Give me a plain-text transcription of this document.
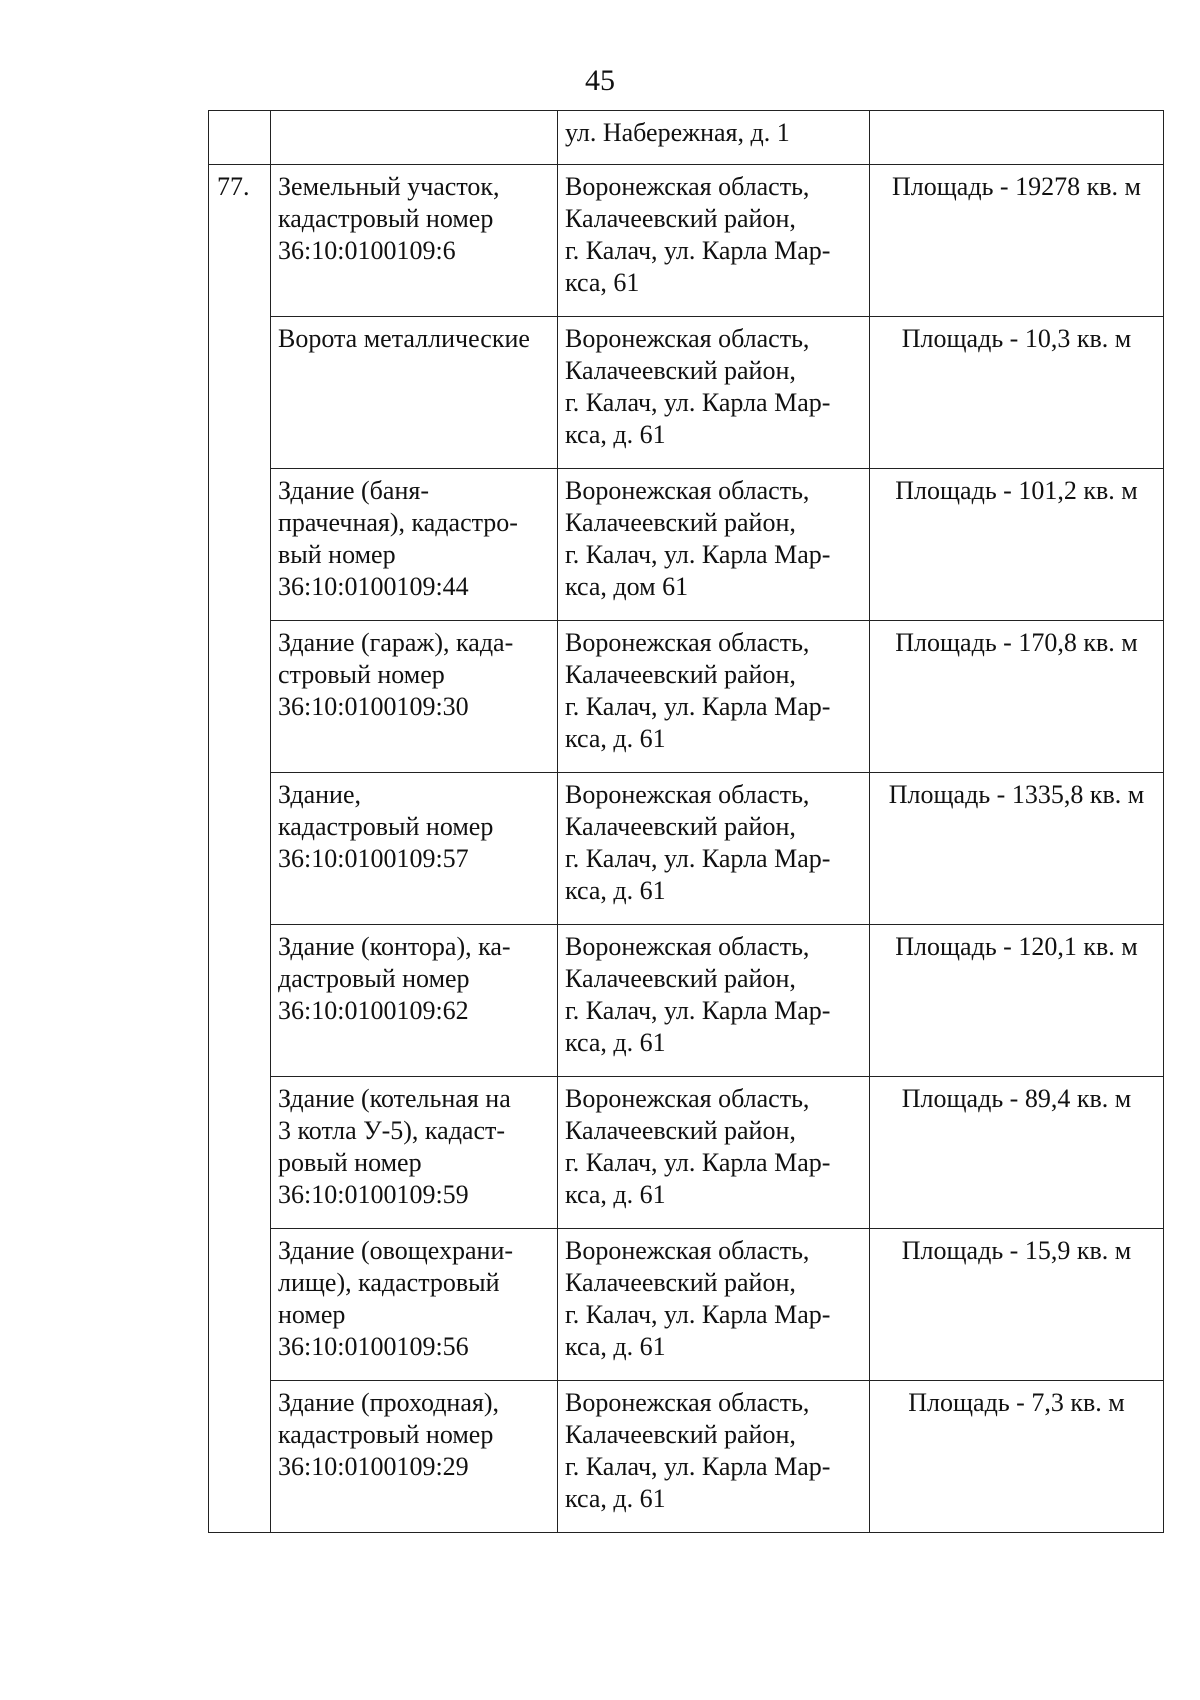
45
		ул. Набережная, д. 1	
77.	Земельный участок,
кадастровый номер
36:10:0100109:6	Воронежская область,
Калачеевский район,
г. Калач, ул. Карла Мар-
кса, 61	Площадь - 19278 кв. м
	Ворота металлические	Воронежская область,
Калачеевский район,
г. Калач, ул. Карла Мар-
кса, д. 61	Площадь - 10,3 кв. м
	Здание (баня-
прачечная), кадастро-
вый номер
36:10:0100109:44	Воронежская область,
Калачеевский район,
г. Калач, ул. Карла Мар-
кса, дом 61	Площадь - 101,2 кв. м
	Здание (гараж), када-
стровый номер
36:10:0100109:30	Воронежская область,
Калачеевский район,
г. Калач, ул. Карла Мар-
кса, д. 61	Площадь - 170,8 кв. м
	Здание,
кадастровый номер
36:10:0100109:57	Воронежская область,
Калачеевский район,
г. Калач, ул. Карла Мар-
кса, д. 61	Площадь - 1335,8 кв. м
	Здание (контора), ка-
дастровый номер
36:10:0100109:62	Воронежская область,
Калачеевский район,
г. Калач, ул. Карла Мар-
кса, д. 61	Площадь - 120,1 кв. м
	Здание (котельная на
3 котла У-5), кадаст-
ровый номер
36:10:0100109:59	Воронежская область,
Калачеевский район,
г. Калач, ул. Карла Мар-
кса, д. 61	Площадь - 89,4 кв. м
	Здание (овощехрани-
лище), кадастровый
номер
36:10:0100109:56	Воронежская область,
Калачеевский район,
г. Калач, ул. Карла Мар-
кса, д. 61	Площадь - 15,9 кв. м
	Здание (проходная),
кадастровый номер
36:10:0100109:29	Воронежская область,
Калачеевский район,
г. Калач, ул. Карла Мар-
кса, д. 61	Площадь - 7,3 кв. м
